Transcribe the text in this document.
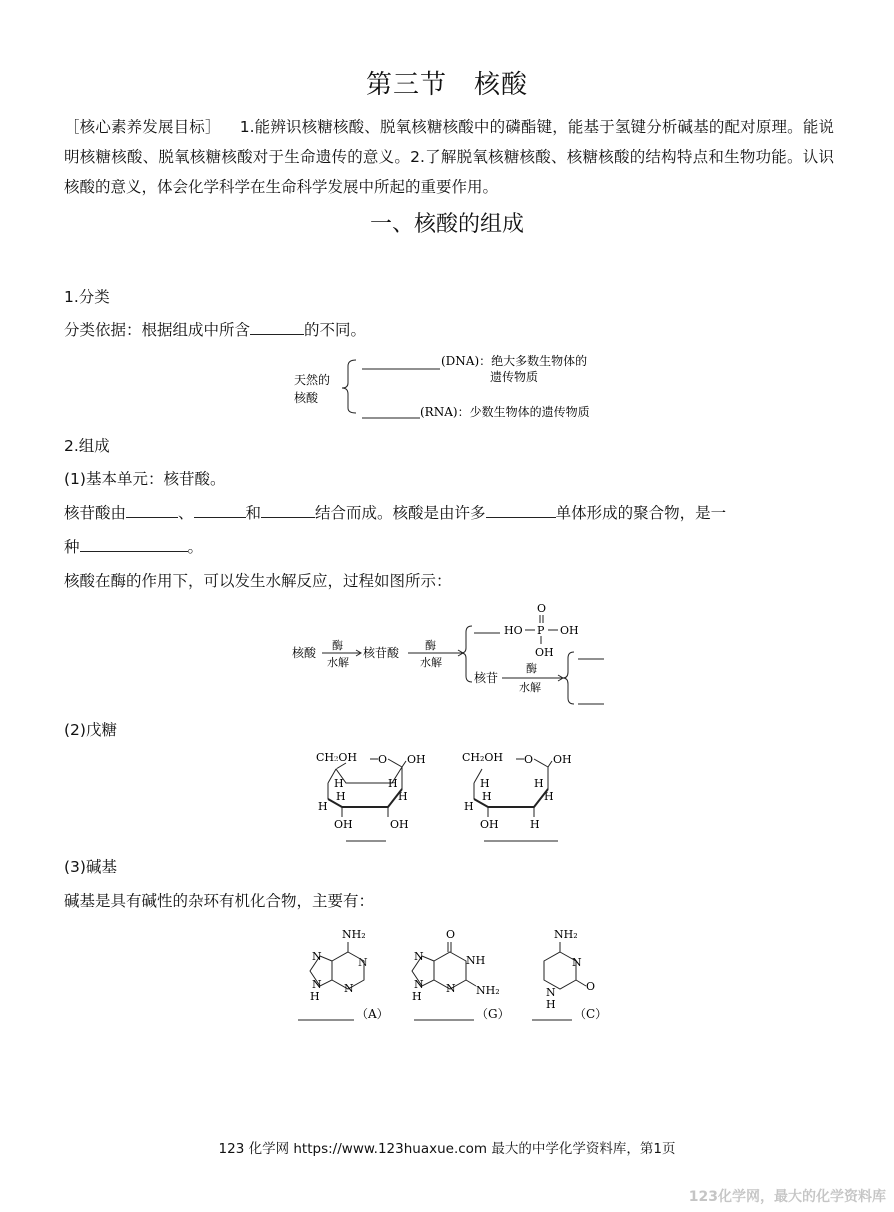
第三节　核酸
［核心素养发展目标］ 1.能辨识核糖核酸、脱氧核糖核酸中的磷酯键，能基于氢键分析碱基的配对原理。能说明核糖核酸、脱氧核糖核酸对于生命遗传的意义。2.了解脱氧核糖核酸、核糖核酸的结构特点和生物功能。认识核酸的意义，体会化学科学在生命科学发展中所起的重要作用。
一、核酸的组成
1.分类
分类依据：根据组成中所含	的不同。
天然的
核酸
(DNA)：绝大多数生物体的
遗传物质
(RNA)：少数生物体的遗传物质
2.组成
(1)基本单元：核苷酸。
核苷酸由	、	和	结合而成。核酸是由许多	单体形成的聚合物，是一
种	。
核酸在酶的作用下，可以发生水解反应，过程如图所示：
核酸
酶
水解
核苷酸
酶
水解
HO P OH
O
OH
核苷
酶
水解
(2)戊糖
CH₂OH O OH
H
H
H
H
H
OH	OH
CH₂OH O OH
H
H
H
H
H
OH	H
(3)碱基
碱基是具有碱性的杂环有机化合物，主要有：
NH₂
N
N
N
N
H
（A）
O
NH
N NH₂
N
N
H
（G）
NH₂
N
O
N
H
（C）
123 化学网 https://www.123huaxue.com 最大的中学化学资料库，第1页
123化学网，最大的化学资料库
